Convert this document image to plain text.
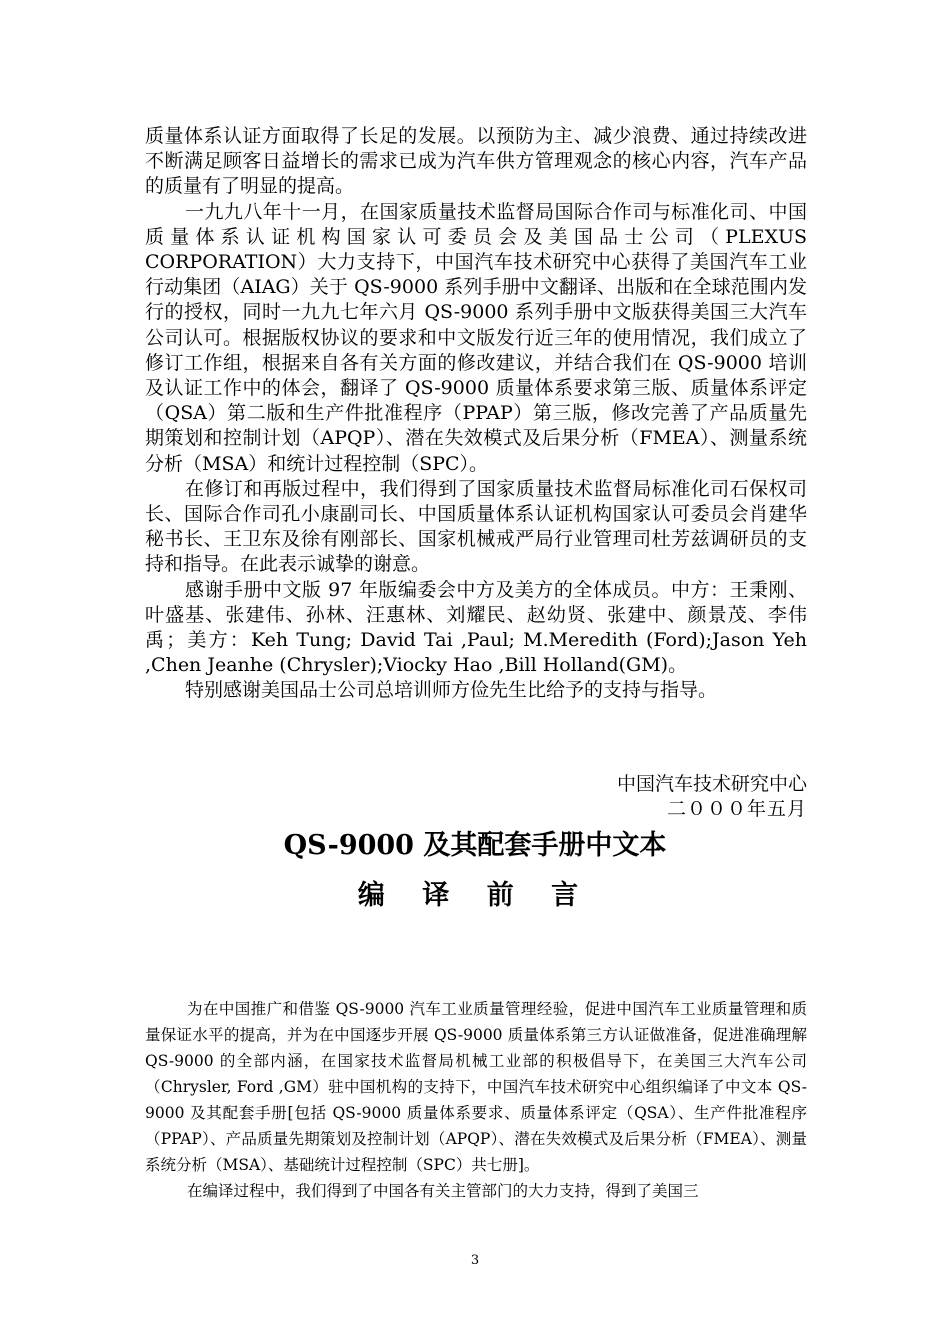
质量体系认证方面取得了长足的发展。以预防为主、减少浪费、通过持续改进不断满足顾客日益增长的需求已成为汽车供方管理观念的核心内容，汽车产品的质量有了明显的提高。

一九九八年十一月，在国家质量技术监督局国际合作司与标准化司、中国质量体系认证机构国家认可委员会及美国品士公司（PLEXUS CORPORATION）大力支持下，中国汽车技术研究中心获得了美国汽车工业行动集团（AIAG）关于 QS-9000 系列手册中文翻译、出版和在全球范围内发行的授权，同时一九九七年六月 QS-9000 系列手册中文版获得美国三大汽车公司认可。根据版权协议的要求和中文版发行近三年的使用情况，我们成立了修订工作组，根据来自各有关方面的修改建议，并结合我们在 QS-9000 培训及认证工作中的体会，翻译了 QS-9000 质量体系要求第三版、质量体系评定（QSA）第二版和生产件批准程序（PPAP）第三版，修改完善了产品质量先期策划和控制计划（APQP）、潜在失效模式及后果分析（FMEA）、测量系统分析（MSA）和统计过程控制（SPC）。

在修订和再版过程中，我们得到了国家质量技术监督局标准化司石保权司长、国际合作司孔小康副司长、中国质量体系认证机构国家认可委员会肖建华秘书长、王卫东及徐有刚部长、国家机械戒严局行业管理司杜芳兹调研员的支持和指导。在此表示诚挚的谢意。

感谢手册中文版 97 年版编委会中方及美方的全体成员。中方：王秉刚、叶盛基、张建伟、孙林、汪惠林、刘耀民、赵幼贤、张建中、颜景茂、李伟禹；美方：Keh Tung; David Tai ,Paul; M.Meredith (Ford);Jason Yeh ,Chen Jeanhe (Chrysler);Viocky Hao ,Bill Holland(GM)。

特别感谢美国品士公司总培训师方俭先生比给予的支持与指导。

中国汽车技术研究中心
二０００年五月
QS-9000 及其配套手册中文本
编 译 前 言

为在中国推广和借鉴 QS-9000 汽车工业质量管理经验，促进中国汽车工业质量管理和质量保证水平的提高，并为在中国逐步开展 QS-9000 质量体系第三方认证做准备，促进准确理解 QS-9000 的全部内涵，在国家技术监督局机械工业部的积极倡导下，在美国三大汽车公司（Chrysler, Ford ,GM）驻中国机构的支持下，中国汽车技术研究中心组织编译了中文本 QS-9000 及其配套手册[包括 QS-9000 质量体系要求、质量体系评定（QSA）、生产件批准程序（PPAP）、产品质量先期策划及控制计划（APQP）、潜在失效模式及后果分析（FMEA）、测量系统分析（MSA）、基础统计过程控制（SPC）共七册]。

在编译过程中，我们得到了中国各有关主管部门的大力支持，得到了美国三

3
